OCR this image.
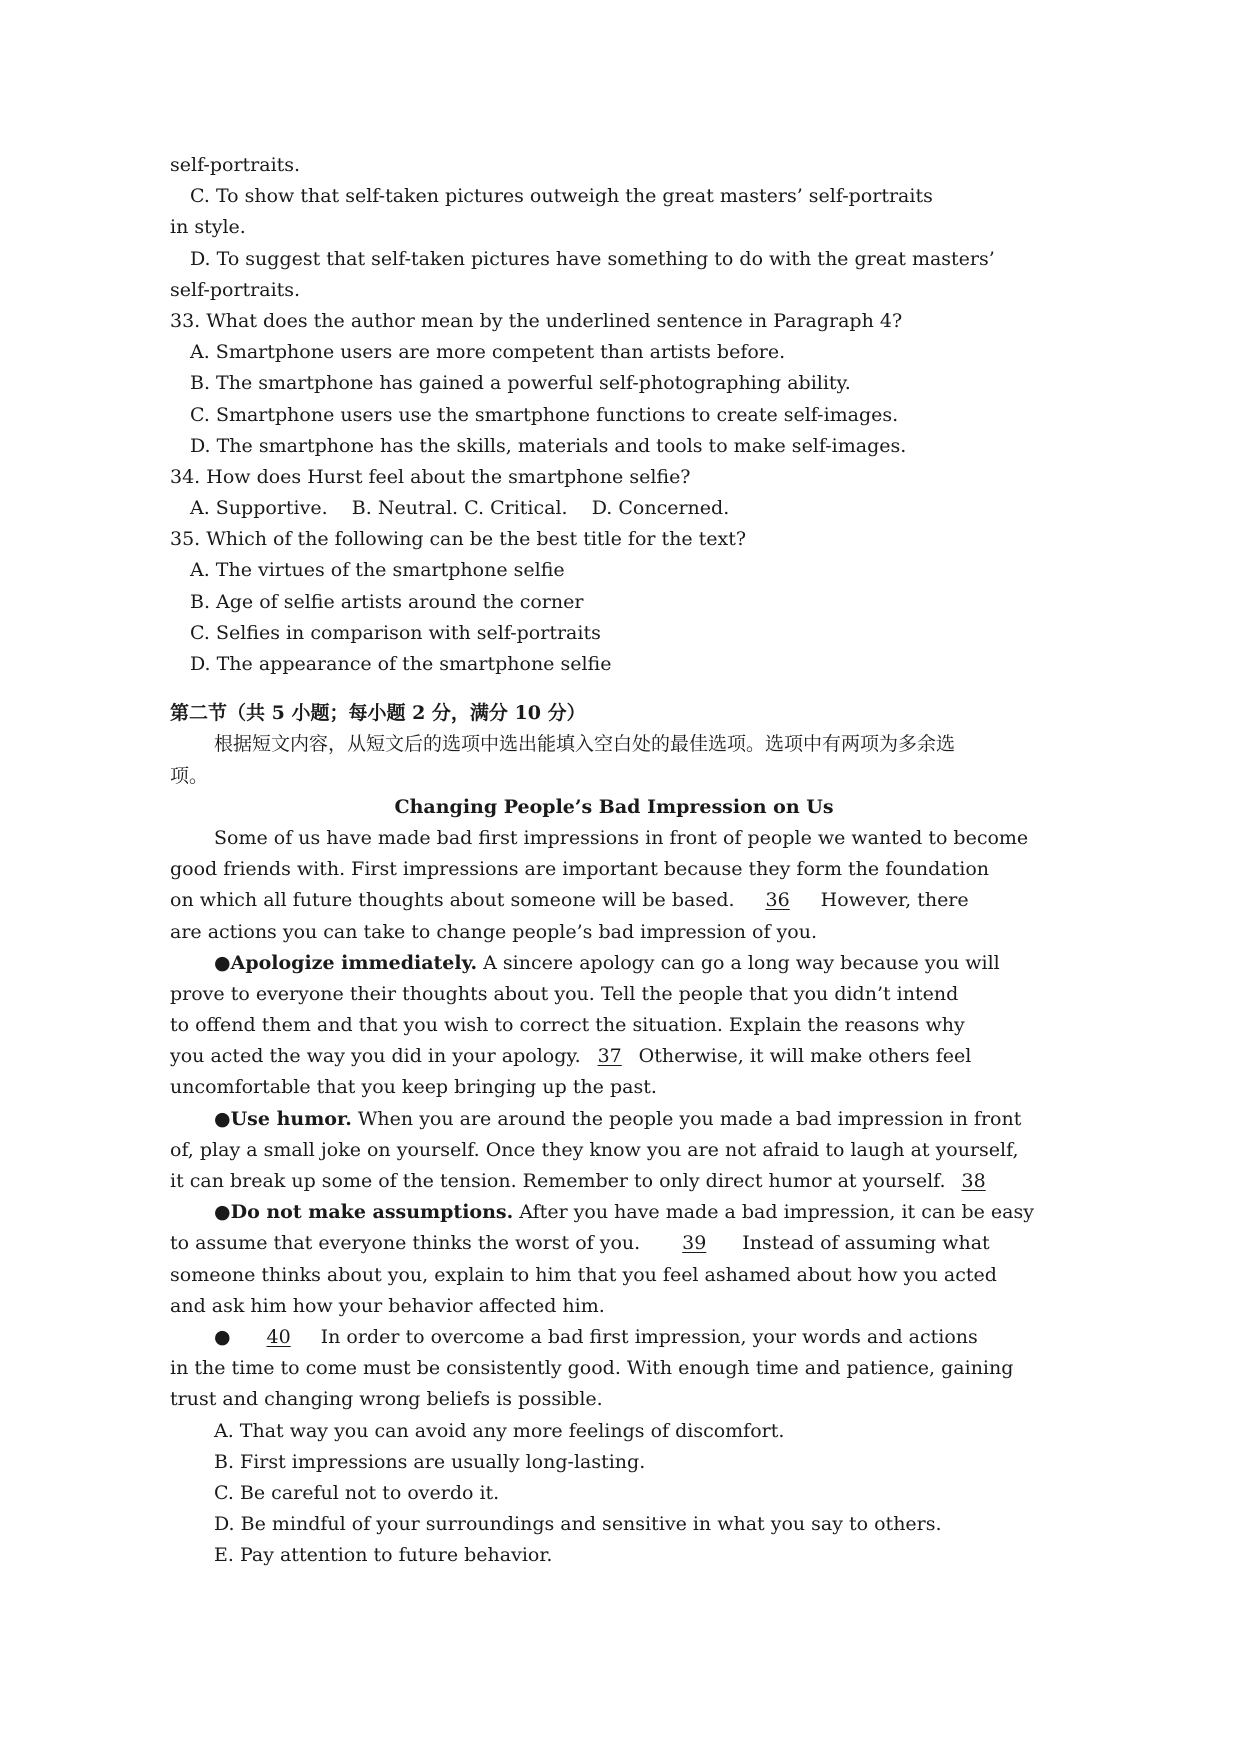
self-portraits.
C. To show that self-taken pictures outweigh the great masters’ self-portraits
in style.
D. To suggest that self-taken pictures have something to do with the great masters’
self-portraits.
33. What does the author mean by the underlined sentence in Paragraph 4?
A. Smartphone users are more competent than artists before.
B. The smartphone has gained a powerful self-photographing ability.
C. Smartphone users use the smartphone functions to create self-images.
D. The smartphone has the skills, materials and tools to make self-images.
34. How does Hurst feel about the smartphone selfie?
A. Supportive.    B. Neutral. C. Critical.    D. Concerned.
35. Which of the following can be the best title for the text?
A. The virtues of the smartphone selfie
B. Age of selfie artists around the corner
C. Selfies in comparison with self-portraits
D. The appearance of the smartphone selfie
第二节（共 5 小题；每小题 2 分，满分 10 分）
根据短文内容，从短文后的选项中选出能填入空白处的最佳选项。选项中有两项为多余选
项。
Changing People’s Bad Impression on Us
Some of us have made bad first impressions in front of people we wanted to become
good friends with. First impressions are important because they form the foundation
on which all future thoughts about someone will be based. 36 However, there
are actions you can take to change people’s bad impression of you.
●Apologize immediately. A sincere apology can go a long way because you will
prove to everyone their thoughts about you. Tell the people that you didn’t intend
to offend them and that you wish to correct the situation. Explain the reasons why
you acted the way you did in your apology. 37 Otherwise, it will make others feel
uncomfortable that you keep bringing up the past.
●Use humor. When you are around the people you made a bad impression in front
of, play a small joke on yourself. Once they know you are not afraid to laugh at yourself,
it can break up some of the tension. Remember to only direct humor at yourself. 38
●Do not make assumptions. After you have made a bad impression, it can be easy
to assume that everyone thinks the worst of you. 39 Instead of assuming what
someone thinks about you, explain to him that you feel ashamed about how you acted
and ask him how your behavior affected him.
● 40 In order to overcome a bad first impression, your words and actions
in the time to come must be consistently good. With enough time and patience, gaining
trust and changing wrong beliefs is possible.
A. That way you can avoid any more feelings of discomfort.
B. First impressions are usually long-lasting.
C. Be careful not to overdo it.
D. Be mindful of your surroundings and sensitive in what you say to others.
E. Pay attention to future behavior.
